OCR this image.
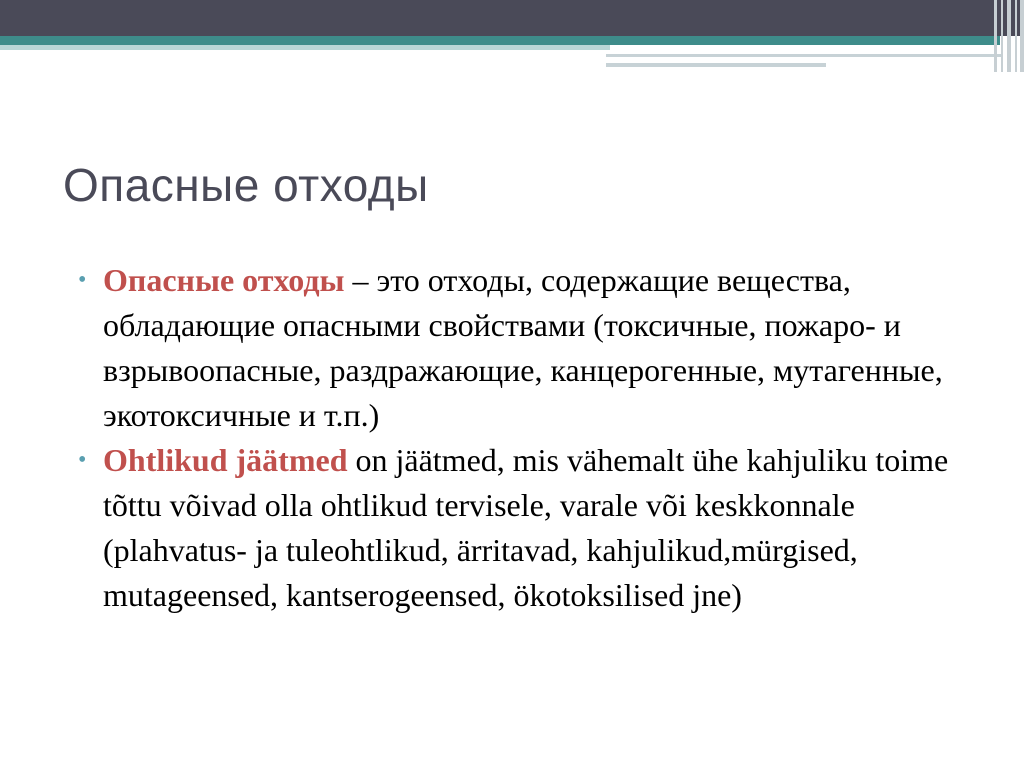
Опасные отходы
• Опасные отходы – это отходы, содержащие вещества, обладающие опасными свойствами (токсичные, пожаро- и взрывоопасные, раздражающие, канцерогенные, мутагенные, экотоксичные и т.п.)
• Ohtlikud jäätmed on jäätmed, mis vähemalt ühe kahjuliku toime tõttu võivad olla ohtlikud tervisele, varale või keskkonnale (plahvatus- ja tuleohtlikud, ärritavad, kahjulikud,mürgised, mutageensed, kantserogeensed, ökotoksilised jne)
